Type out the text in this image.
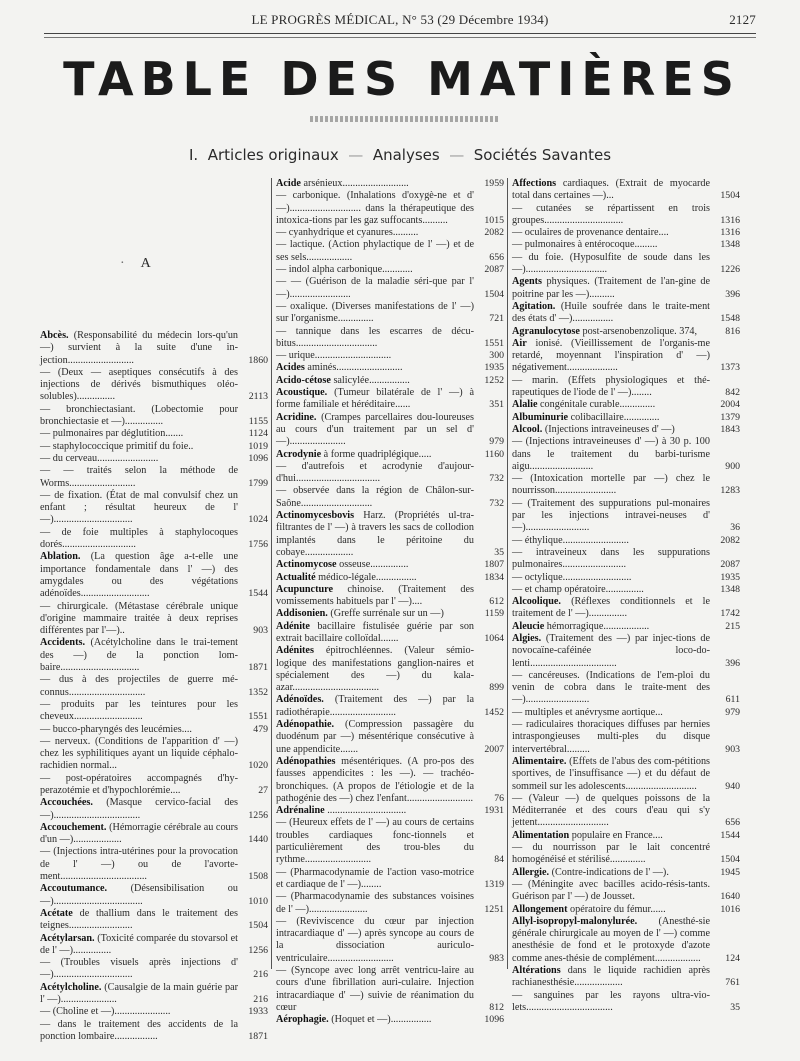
LE PROGRÈS MÉDICAL, N° 53 (29 Décembre 1934)	2127
TABLE DES MATIÈRES
I. Articles originaux — Analyses — Sociétés Savantes
· A

Abcès. (Responsabilité du médecin lors-qu'un —) survient à la suite d'une in-jection..........................	1860

— (Deux — aseptiques consécutifs à des injections de dérivés bismuthiques oléo-solubles)...............	2113

— bronchiectasiant. (Lobectomie pour bronchiectasie et —)...............	1155

— pulmonaires par déglutition.......	1124

— staphylococcique primitif du foie..	1019

— du cerveau........................	1096

— — traités selon la méthode de Worms..........................	1799

— de fixation. (État de mal convulsif chez un enfant ; résultat heureux de l' —)...............................	1024

— de foie multiples à staphylocoques dorés.............................	1756

Ablation. (La question âge a-t-elle une importance fondamentale dans l' —) des amygdales ou des végétations adénoïdes...........................	1544

— chirurgicale. (Métastase cérébrale unique d'origine mammaire traitée à deux reprises différentes par l'—)..	903

Accidents. (Acétylcholine dans le trai-tement des —) de la ponction lom-baire...............................	1871

— dus à des projectiles de guerre mé-connus..............................	1352

— produits par les teintures pour les cheveux...........................	1551

— bucco-pharyngés des leucémies....	479

— nerveux. (Conditions de l'apparition d' —) chez les syphilitiques ayant un liquide céphalo-rachidien normal...	1020

— post-opératoires accompagnés d'hy-perazotémie et d'hypochlorémie....	27

Accouchées. (Masque cervico-facial des —)..................................	1256

Accouchement. (Hémorragie cérébrale au cours d'un —)...................	1440

— (Injections intra-utérines pour la provocation de l' —) ou de l'avorte-ment..................................	1508

Accoutumance. (Désensibilisation ou —)...................................	1010

Acétate de thallium dans le traitement des teignes.........................	1504

Acétylarsan. (Toxicité comparée du stovarsol et de l' —)...............	1256

— (Troubles visuels après injections d' —)...............................	216

Acétylcholine. (Causalgie de la main guérie par l' —)......................	216

— (Choline et —)......................	1933

— dans le traitement des accidents de la ponction lombaire.................	1871

Acide arsénieux..........................	1959

— carbonique. (Inhalations d'oxygè-ne et d' —)............................ dans la thérapeutique des intoxica-tions par les gaz suffocants..........	1015

— cyanhydrique et cyanures..........	2082

— lactique. (Action phylactique de l' —) et de ses sels..................	656

— indol alpha carbonique............	2087

— — (Guérison de la maladie séri-que par l' —)........................	1504

— oxalique. (Diverses manifestations de l' —) sur l'organisme..............	721

— tannique dans les escarres de décu-bitus................................	1551

— urique..............................	300

Acides aminés..........................	1935

Acido-cétose salicylée................	1252

Acoustique. (Tumeur bilatérale de l' —) à forme familiale et héréditaire......	351

Acridine. (Crampes parcellaires dou-loureuses au cours d'un traitement par un sel d' —)......................	979

Acrodynie à forme quadriplégique.....	1160

— d'autrefois et acrodynie d'aujour-d'hui.................................	732

— observée dans la région de Châlon-sur-Saône............................	732

Actinomycesbovis Harz. (Propriétés ul-tra-filtrantes de l' —) à travers les sacs de collodion implantés dans le péritoine du cobaye...................	35

Actinomycose osseuse...............	1807

Actualité médico-légale................	1834

Acupuncture chinoise. (Traitement des vomissements habituels par l' —)....	612

Addisonien. (Greffe surrénale sur un —)	1159

Adénite bacillaire fistulisée guérie par son extrait bacillaire colloïdal.......	1064

Adénites épitrochléennes. (Valeur sémio-logique des manifestations ganglion-naires et spécialement des —) du kala-azar..................................	899

Adénoïdes. (Traitement des —) par la radiothérapie..........................	1452

Adénopathie. (Compression passagère du duodénum par —) mésentérique consécutive à une appendicite.......	2007

Adénopathies mésentériques. (A pro-pos des fausses appendicites : les —). — trachéo-bronchiques. (A propos de l'étiologie et de la pathogénie des —) chez l'enfant..........................	76

Adrénaline ...............................	1931

— (Heureux effets de l' —) au cours de certains troubles cardiaques fonc-tionnels et particulièrement des trou-bles du rythme..........................	84

— (Pharmacodynamie de l'action vaso-motrice et cardiaque de l' —)........	1319

— (Pharmacodynamie des substances voisines de l' —).......................	1251

— (Reviviscence du cœur par injection intracardiaque d' —) après syncope au cours de la dissociation auriculo-ventriculaire..........................	983

— (Syncope avec long arrêt ventricu-laire au cours d'une fibrillation auri-culaire. Injection intracardiaque d' —) suivie de réanimation du cœur	812

Aérophagie. (Hoquet et —)................	1096

Affections cardiaques. (Extrait de myocarde total dans certaines —)...	1504

— cutanées se répartissent en trois groupes...............................	1316

— oculaires de provenance dentaire....	1316

— pulmonaires à entérocoque.........	1348

— du foie. (Hyposulfite de soude dans les —)................................	1226

Agents physiques. (Traitement de l'an-gine de poitrine par les —)..........	396

Agitation. (Huile soufrée dans le traite-ment des états d' —)................	1548

Agranulocytose post-arsenobenzolique. 374,	816

Air ionisé. (Vieillissement de l'organis-me retardé, moyennant l'inspiration d' —) négativement....................	1373

— marin. (Effets physiologiques et thé-rapeutiques de l'iode de l' —)........	842

Alalie congénitale curable..............	2004

Albuminurie colibacillaire..............	1379

Alcool. (Injections intraveineuses d' —)	1843

— (Injections intraveineuses d' —) à 30 p. 100 dans le traitement du barbi-turisme aigu.........................	900

— (Intoxication mortelle par —) chez le nourrisson........................	1283

— (Traitement des suppurations pul-monaires par les injections intravei-neuses d' —).........................	36

— éthylique..........................	2082

— intraveineux dans les suppurations pulmonaires.........................	2087

— octylique...........................	1935

— et champ opératoire...............	1348

Alcoolique. (Réflexes conditionnels et le traitement de l' —)...............	1742

Aleucie hémorragique..................	215

Algies. (Traitement des —) par injec-tions de novocaïne-caféinée loco-do-lenti..................................	396

— cancéreuses. (Indications de l'em-ploi du venin de cobra dans le traite-ment des —).........................	611

— multiples et anévrysme aortique...	979

— radiculaires thoraciques diffuses par hernies intraspongieuses multi-ples du disque intervertébral.........	903

Alimentaire. (Effets de l'abus des com-pétitions sportives, de l'insuffisance —) et du défaut de sommeil sur les adolescents............................	940

— (Valeur —) de quelques poissons de la Méditerranée et des cours d'eau qui s'y jettent............................	656

Alimentation populaire en France....	1544

— du nourrisson par le lait concentré homogénéisé et stérilisé..............	1504

Allergie. (Contre-indications de l' —).	1945

— (Méningite avec bacilles acido-résis-tants. Guérison par l' —) de Jousset.	1640

Allongement opératoire du fémur......	1016

Allyl-isopropyl-malonylurée. (Anesthé-sie générale chirurgicale au moyen de l' —) comme anesthésie de fond et le protoxyde d'azote comme anes-thésie de complément..................	124

Altérations dans le liquide rachidien après rachianesthésie...................	761

— sanguines par les rayons ultra-vio-lets..................................	35
